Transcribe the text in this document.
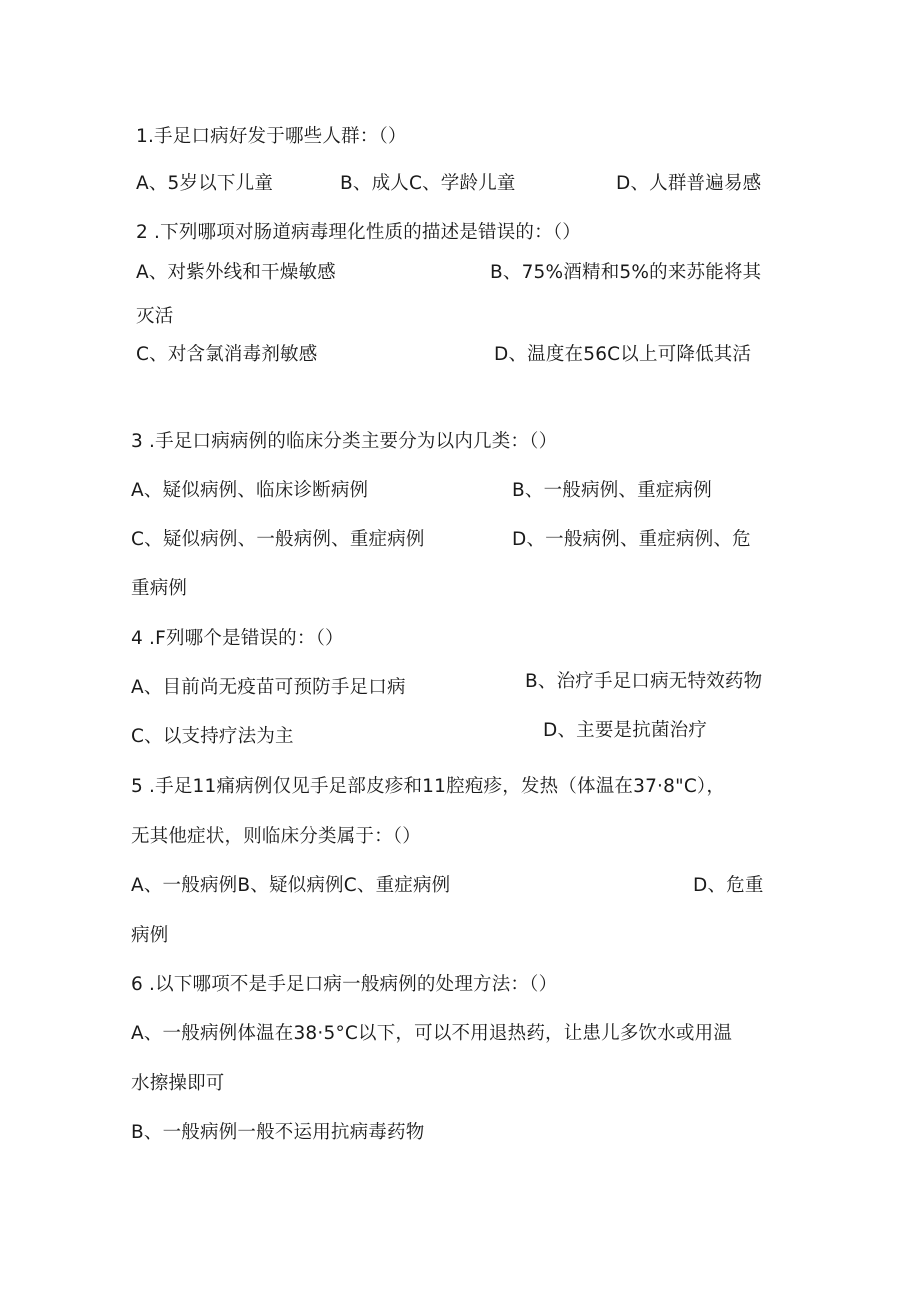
1.手足口病好发于哪些人群：（）
A、5岁以下儿童	B、成人C、学龄儿童	D、人群普遍易感
2 .下列哪项对肠道病毒理化性质的描述是错误的：（）
A、对紫外线和干燥敏感	B、75%酒精和5%的来苏能将其
灭活
C、对含氯消毒剂敏感	D、温度在56C以上可降低其活
3 .手足口病病例的临床分类主要分为以内几类：（）
A、疑似病例、临床诊断病例	B、一般病例、重症病例
C、疑似病例、一般病例、重症病例	D、一般病例、重症病例、危
重病例
4 .F列哪个是错误的：（）
A、目前尚无疫苗可预防手足口病	B、治疗手足口病无特效药物
C、以支持疗法为主	D、主要是抗菌治疗
5 .手足11痛病例仅见手足部皮疹和11腔疱疹，发热（体温在37·8"C），
无其他症状，则临床分类属于：（）
A、一般病例B、疑似病例C、重症病例	D、危重
病例
6 .以下哪项不是手足口病一般病例的处理方法：（）
A、一般病例体温在38·5°C以下，可以不用退热药，让患儿多饮水或用温
水擦操即可
B、一般病例一般不运用抗病毒药物
